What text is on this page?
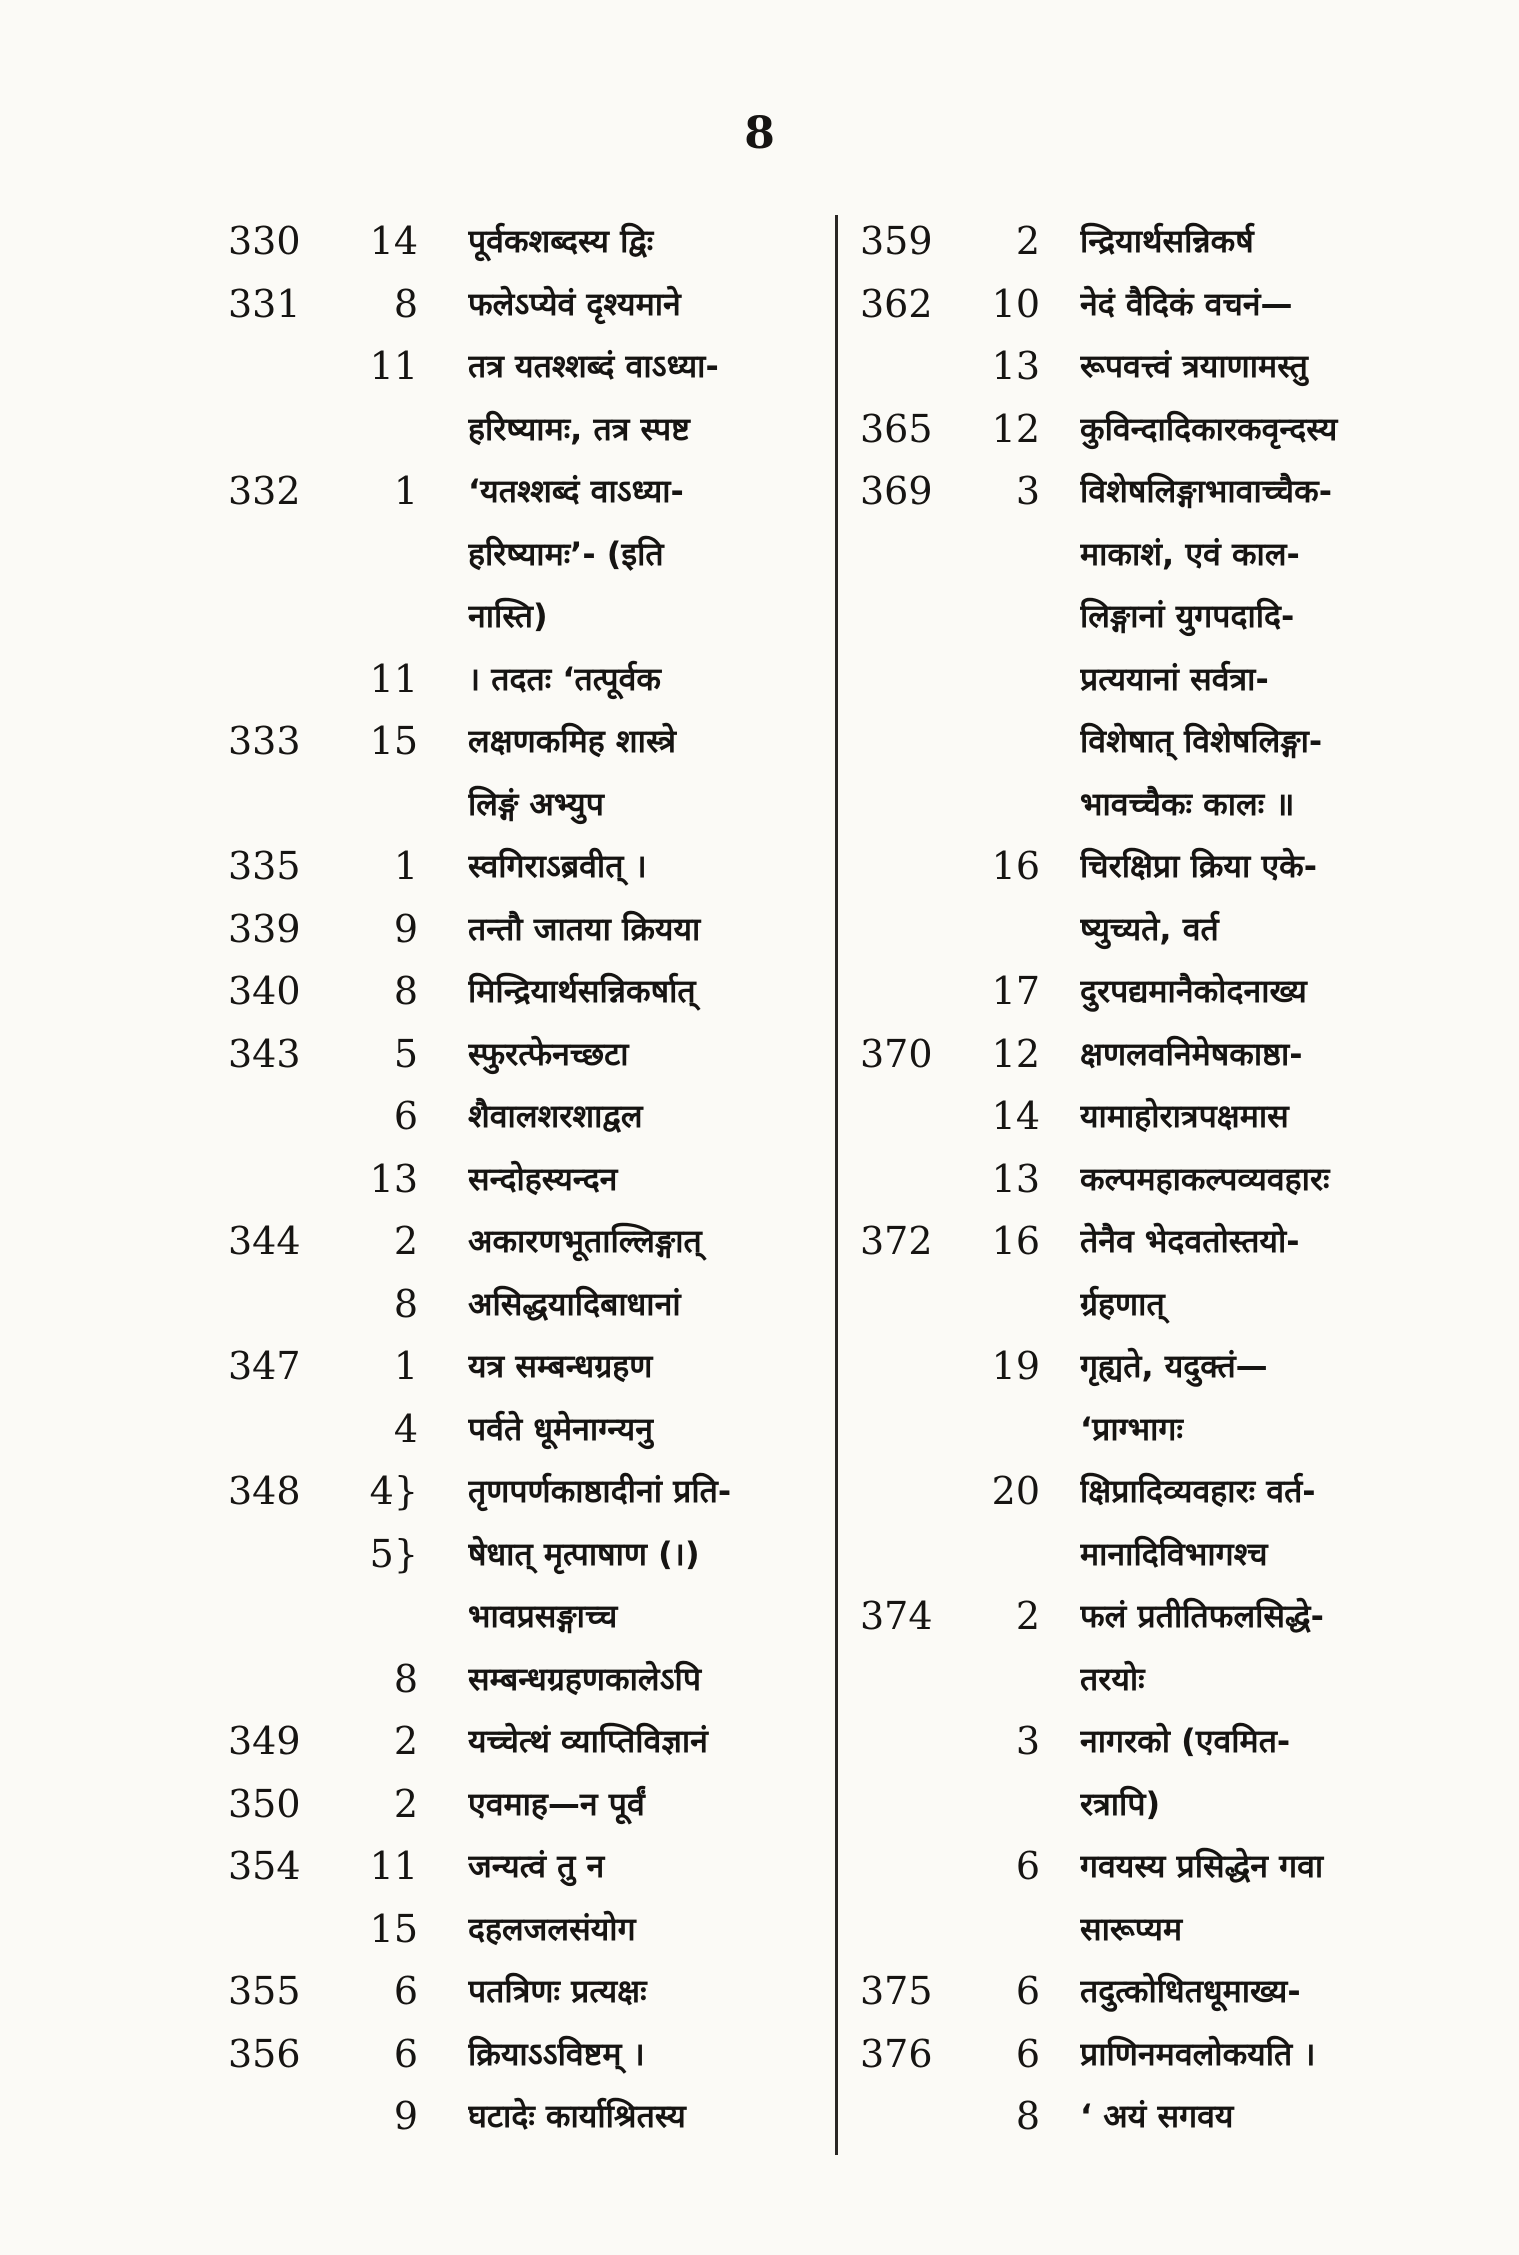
8
330	14 पूर्वकशब्दस्य द्विः
331	8 फलेऽप्येवं दृश्यमाने
11 तत्र यतश्शब्दं वाऽध्या-
हरिष्यामः, तत्र स्पष्ट
332	1 ‘यतश्शब्दं वाऽध्या-
हरिष्यामः’- (इति
नास्ति)
11 । तदतः ‘तत्पूर्वक
333	15 लक्षणकमिह शास्त्रे
लिङ्गं अभ्युप
335	1 स्वगिराऽब्रवीत् ।
339	9 तन्तौ जातया क्रियया
340	8 मिन्द्रियार्थसन्निकर्षात्
343	5 स्फुरत्फेनच्छटा
6 शैवालशरशाद्वल
13 सन्दोहस्यन्दन
344	2 अकारणभूताल्लिङ्गात्
8 असिद्धयादिबाधानां
347	1 यत्र सम्बन्धग्रहण
4 पर्वते धूमेनाग्न्यनु
348	4} तृणपर्णकाष्ठादीनां प्रति-
5} षेधात् मृत्पाषाण (।)
भावप्रसङ्गाच्च
8 सम्बन्धग्रहणकालेऽपि
349	2 यच्चेत्थं व्याप्तिविज्ञानं
350	2 एवमाह—न पूर्वं
354	11 जन्यत्वं तु न
15 दहलजलसंयोग
355	6 पतत्रिणः प्रत्यक्षः
356	6 क्रियाऽऽविष्टम् ।
9 घटादेः कार्याश्रितस्य
359	2 न्द्रियार्थसन्निकर्ष
362	10 नेदं वैदिकं वचनं—
13 रूपवत्त्वं त्रयाणामस्तु
365	12 कुविन्दादिकारकवृन्दस्य
369	3 विशेषलिङ्गाभावाच्चैक-
माकाशं, एवं काल-
लिङ्गानां युगपदादि-
प्रत्ययानां सर्वत्रा-
विशेषात् विशेषलिङ्गा-
भावच्चैकः कालः ॥
16 चिरक्षिप्रा क्रिया एके-
ष्युच्यते, वर्त
17 दुरपद्यमानैकोदनाख्य
370	12 क्षणलवनिमेषकाष्ठा-
14 यामाहोरात्रपक्षमास
13 कल्पमहाकल्पव्यवहारः
372	16 तेनैव भेदवतोस्तयो-
र्ग्रहणात्
19 गृह्यते, यदुक्तं—
‘प्राग्भागः
20 क्षिप्रादिव्यवहारः वर्त-
मानादिविभागश्च
374	2 फलं प्रतीतिफलसिद्धे-
तरयोः
3 नागरको (एवमित-
रत्रापि)
6 गवयस्य प्रसिद्धेन गवा
सारूप्यम
375	6 तदुत्कोधितधूमाख्य-
376	6 प्राणिनमवलोकयति ।
8 ‘ अयं सगवय
